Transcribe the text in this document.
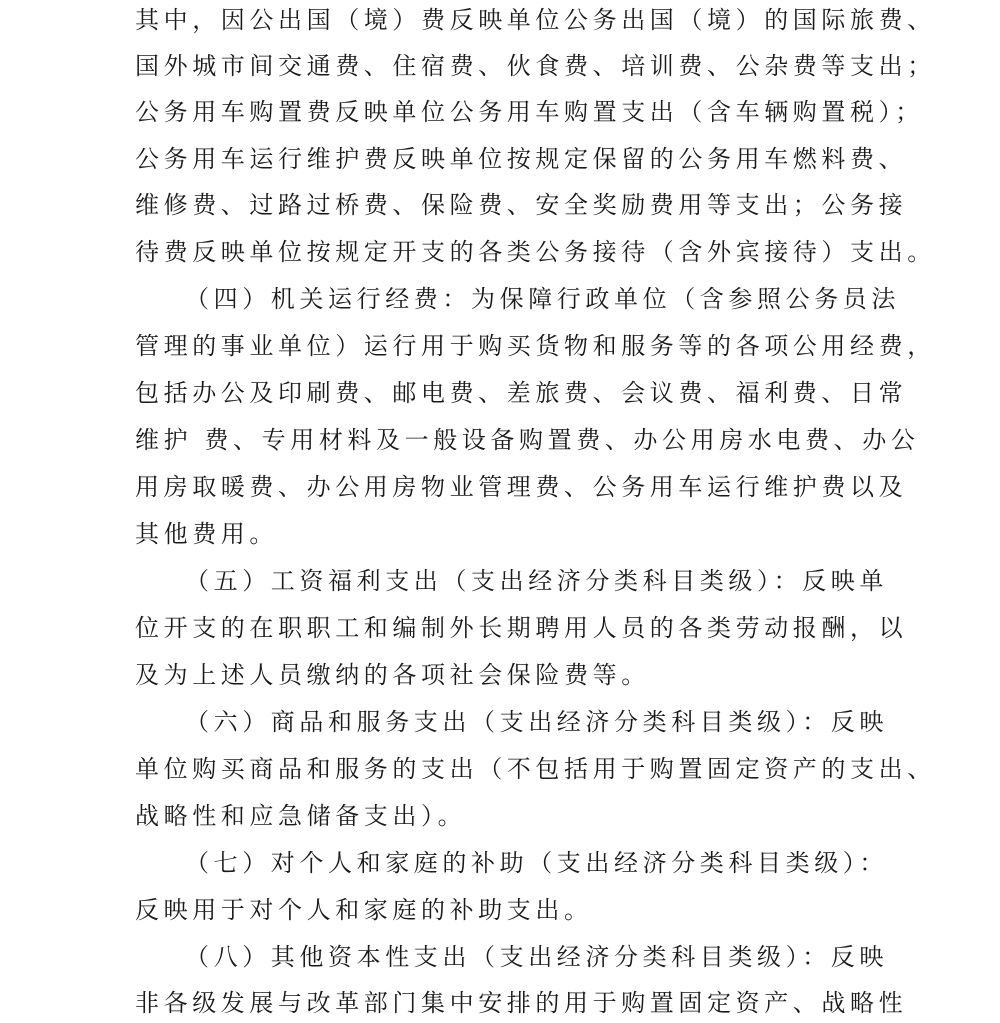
其中，因公出国（境）费反映单位公务出国（境）的国际旅费、
国外城市间交通费、住宿费、伙食费、培训费、公杂费等支出；
公务用车购置费反映单位公务用车购置支出（含车辆购置税）；
公务用车运行维护费反映单位按规定保留的公务用车燃料费、
维修费、过路过桥费、保险费、安全奖励费用等支出；公务接
待费反映单位按规定开支的各类公务接待（含外宾接待）支出。
（四）机关运行经费：为保障行政单位（含参照公务员法
管理的事业单位）运行用于购买货物和服务等的各项公用经费，
包括办公及印刷费、邮电费、差旅费、会议费、福利费、日常
维护 费、专用材料及一般设备购置费、办公用房水电费、办公
用房取暖费、办公用房物业管理费、公务用车运行维护费以及
其他费用。
（五）工资福利支出（支出经济分类科目类级）：反映单
位开支的在职职工和编制外长期聘用人员的各类劳动报酬，以
及为上述人员缴纳的各项社会保险费等。
（六）商品和服务支出（支出经济分类科目类级）：反映
单位购买商品和服务的支出（不包括用于购置固定资产的支出、
战略性和应急储备支出）。
（七）对个人和家庭的补助（支出经济分类科目类级）：
反映用于对个人和家庭的补助支出。
（八）其他资本性支出（支出经济分类科目类级）：反映
非各级发展与改革部门集中安排的用于购置固定资产、战略性
